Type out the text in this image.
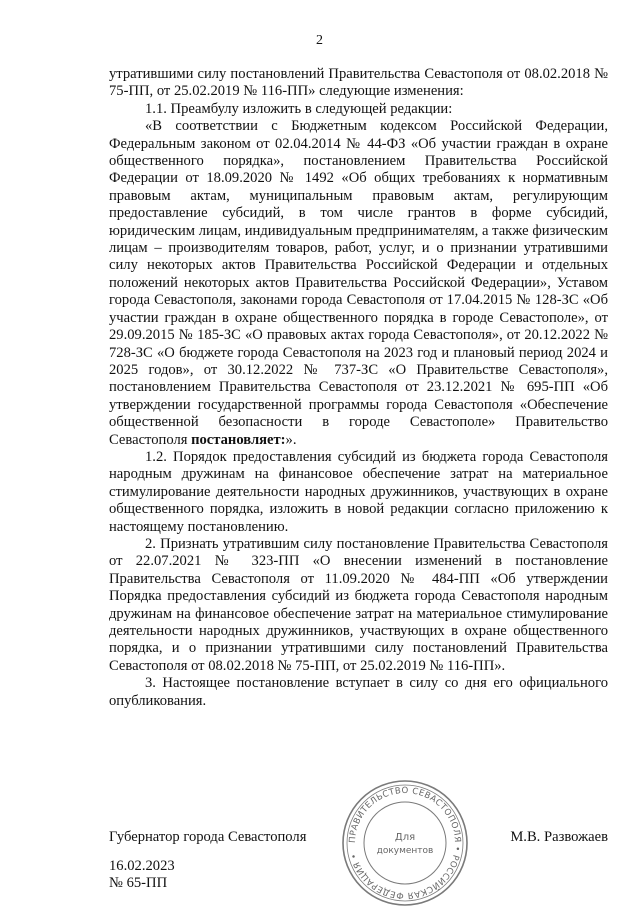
2

утратившими силу постановлений Правительства Севастополя от 08.02.2018 № 75-ПП, от 25.02.2019 № 116-ПП» следующие изменения:

1.1. Преамбулу изложить в следующей редакции:

«В соответствии с Бюджетным кодексом Российской Федерации, Федеральным законом от 02.04.2014 № 44-ФЗ «Об участии граждан в охране общественного порядка», постановлением Правительства Российской Федерации от 18.09.2020 № 1492 «Об общих требованиях к нормативным правовым актам, муниципальным правовым актам, регулирующим предоставление субсидий, в том числе грантов в форме субсидий, юридическим лицам, индивидуальным предпринимателям, а также физическим лицам – производителям товаров, работ, услуг, и о признании утратившими силу некоторых актов Правительства Российской Федерации и отдельных положений некоторых актов Правительства Российской Федерации», Уставом города Севастополя, законами города Севастополя от 17.04.2015 № 128-ЗС «Об участии граждан в охране общественного порядка в городе Севастополе», от 29.09.2015 № 185-ЗС «О правовых актах города Севастополя», от 20.12.2022 № 728-ЗС «О бюджете города Севастополя на 2023 год и плановый период 2024 и 2025 годов», от 30.12.2022 № 737-ЗС «О Правительстве Севастополя», постановлением Правительства Севастополя от 23.12.2021 № 695-ПП «Об утверждении государственной программы города Севастополя «Обеспечение общественной безопасности в городе Севастополе» Правительство Севастополя постановляет:».

1.2. Порядок предоставления субсидий из бюджета города Севастополя народным дружинам на финансовое обеспечение затрат на материальное стимулирование деятельности народных дружинников, участвующих в охране общественного порядка, изложить в новой редакции согласно приложению к настоящему постановлению.

2. Признать утратившим силу постановление Правительства Севастополя от 22.07.2021 № 323-ПП «О внесении изменений в постановление Правительства Севастополя от 11.09.2020 № 484-ПП «Об утверждении Порядка предоставления субсидий из бюджета города Севастополя народным дружинам на финансовое обеспечение затрат на материальное стимулирование деятельности народных дружинников, участвующих в охране общественного порядка, и о признании утратившими силу постановлений Правительства Севастополя от 08.02.2018 № 75-ПП, от 25.02.2019 № 116-ПП».

3. Настоящее постановление вступает в силу со дня его официального опубликования.

Губернатор города Севастополя	М.В. Развожаев
ПРАВИТЕЛЬСТВО СЕВАСТОПОЛЯ • РОССИЙСКАЯ ФЕДЕРАЦИЯ •
Для
документов
16.02.2023
№ 65-ПП
